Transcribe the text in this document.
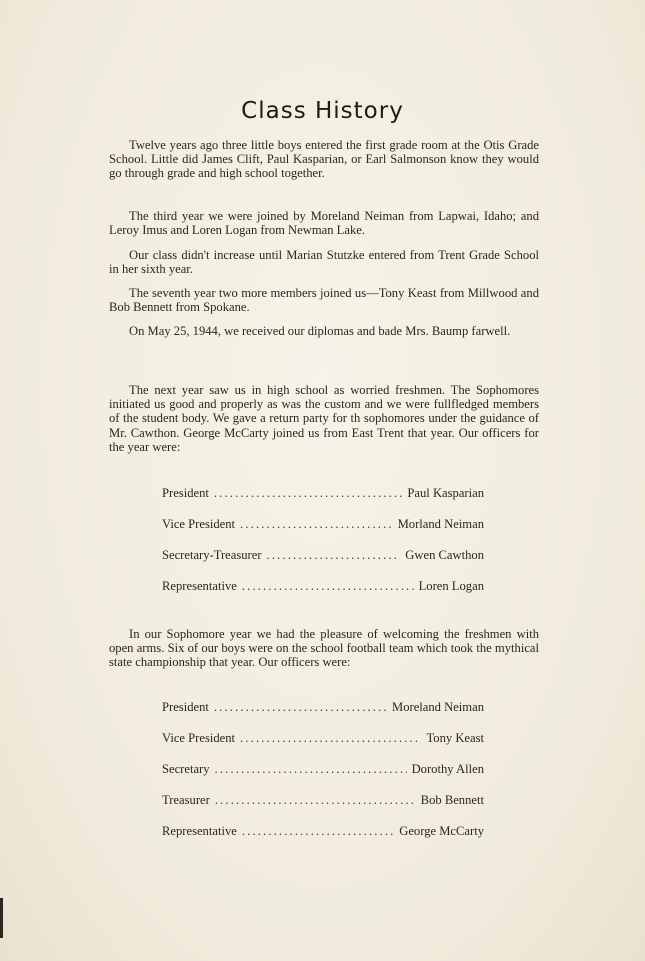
Class History

Twelve years ago three little boys entered the first grade room at the Otis Grade School. Little did James Clift, Paul Kasparian, or Earl Salmonson know they would go through grade and high school together.

The third year we were joined by Moreland Neiman from Lapwai, Idaho; and Leroy Imus and Loren Logan from Newman Lake.

Our class didn't increase until Marian Stutzke entered from Trent Grade School in her sixth year.

The seventh year two more members joined us—Tony Keast from Millwood and Bob Bennett from Spokane.

On May 25, 1944, we received our diplomas and bade Mrs. Baump farwell.

The next year saw us in high school as worried freshmen. The Sophomores initiated us good and properly as was the custom and we were fullfledged members of the student body. We gave a return party for th sophomores under the guidance of Mr. Cawthon. George McCarty joined us from East Trent that year. Our officers for the year were:

President . . .	Paul Kasparian
Vice President . . .	Morland Neiman
Secretary-Treasurer . . .	Gwen Cawthon
Representative . . .	Loren Logan

In our Sophomore year we had the pleasure of welcoming the freshmen with open arms. Six of our boys were on the school football team which took the mythical state championship that year. Our officers were:

President . . .	Moreland Neiman
Vice President . . .	Tony Keast
Secretary . . .	Dorothy Allen
Treasurer . . .	Bob Bennett
Representative . . .	George McCarty
